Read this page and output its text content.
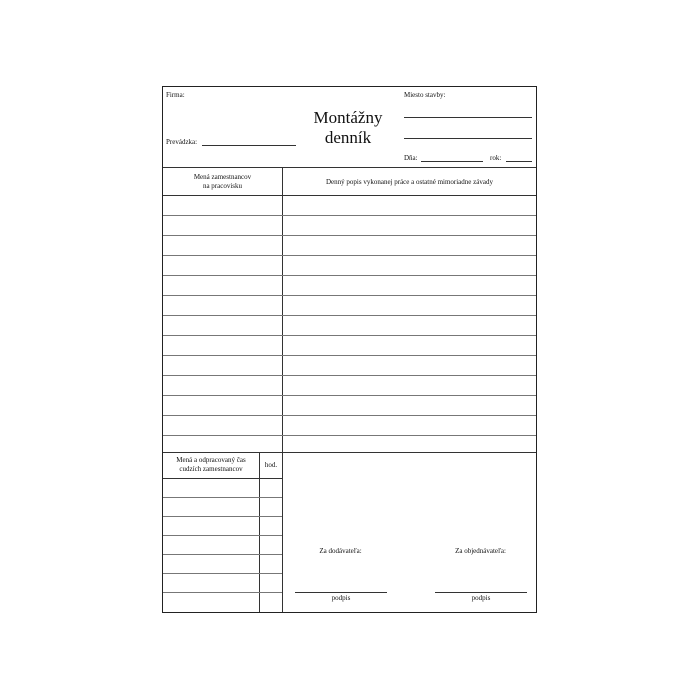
Firma:
Prevádzka:
Montážny
denník
Miesto stavby:
Dňa:	rok:
Mená zamestnancov
na pracovisku	Denný popis vykonanej práce a ostatné mimoriadne závady
Mená a odpracovaný čas
cudzích zamestnancov	hod.
Za dodávateľa:	Za objednávateľa:
podpis	podpis
